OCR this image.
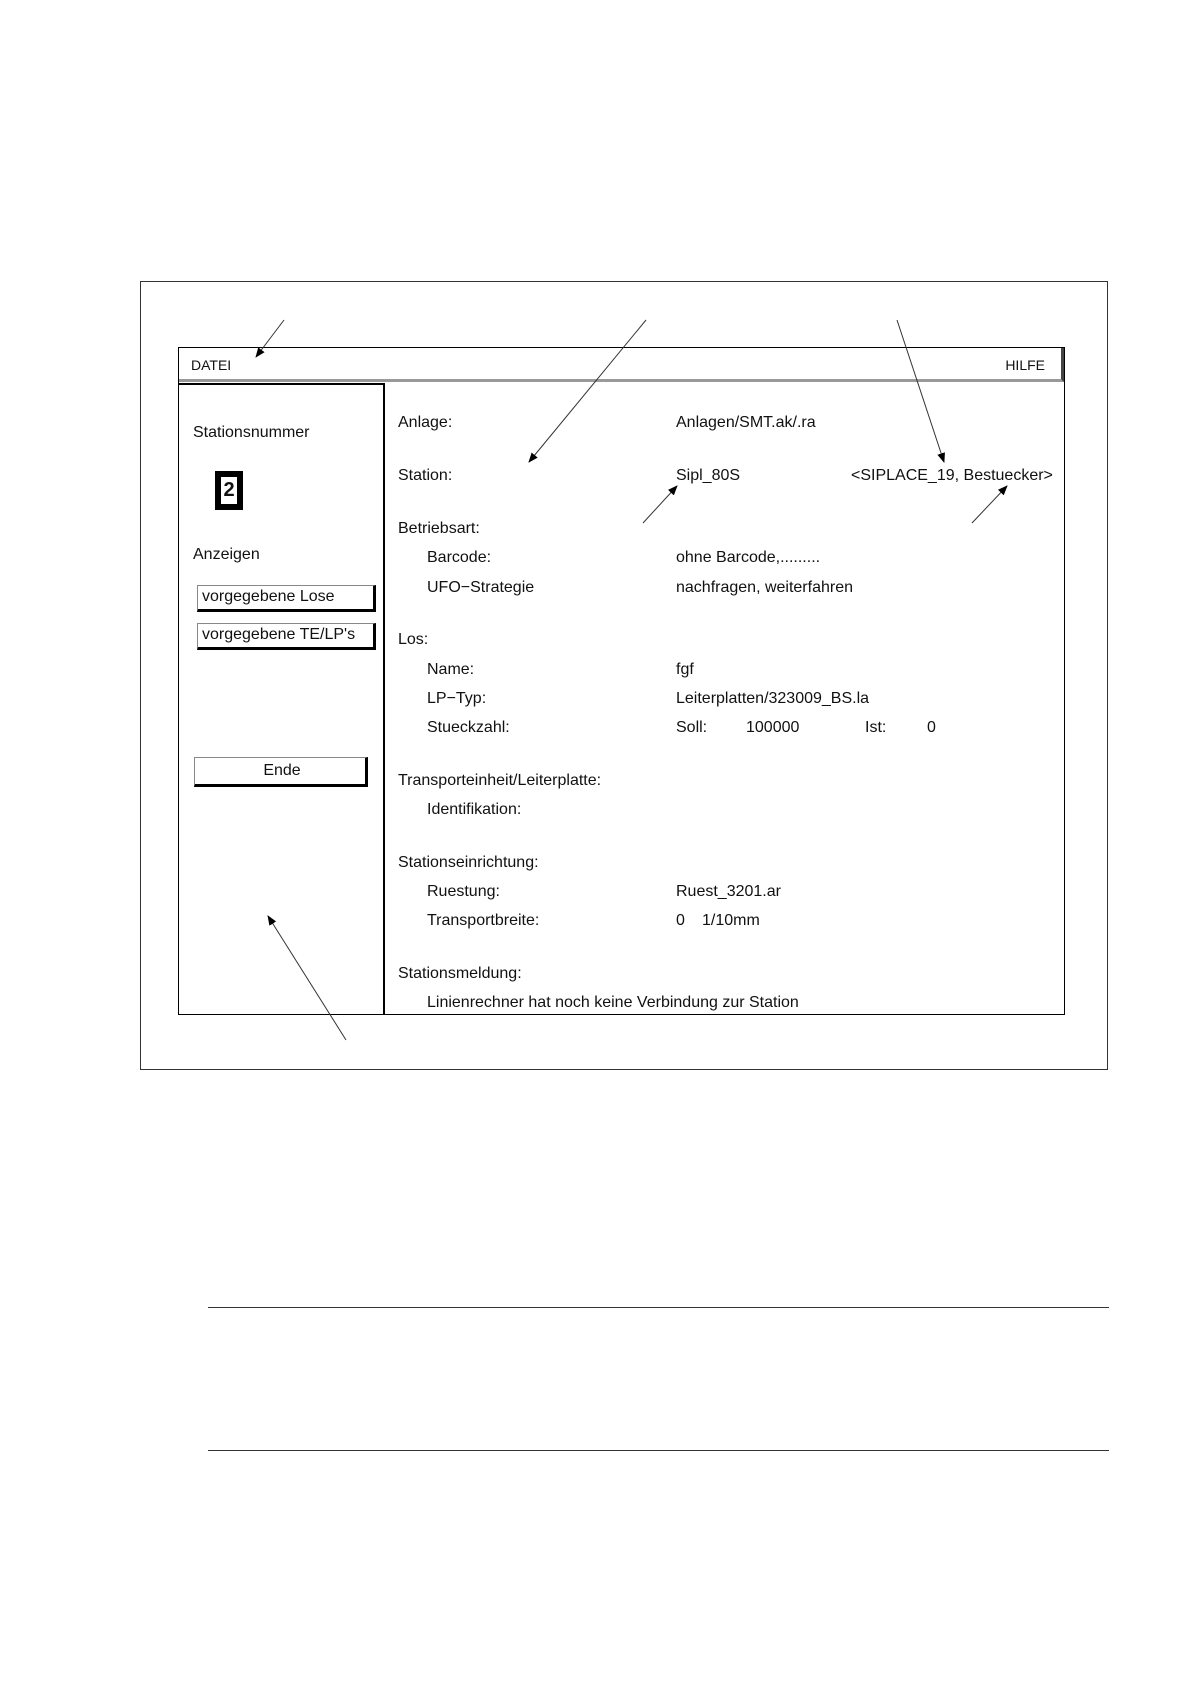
DATEI	HILFE
Stationsnummer
2
Anzeigen
vorgegebene Lose
vorgegebene TE/LP's
Ende
Anlage:	Anlagen/SMT.ak/.ra
Station:	Sipl_80S	<SIPLACE_19, Bestuecker>
Betriebsart:
Barcode:	ohne Barcode,.........
UFO−Strategie	nachfragen, weiterfahren
Los:
Name:	fgf
LP−Typ:	Leiterplatten/323009_BS.la
Stueckzahl:	Soll: 100000	Ist:	0
Transporteinheit/Leiterplatte:
Identifikation:
Stationseinrichtung:
Ruestung:	Ruest_3201.ar
Transportbreite:	0 1/10mm
Stationsmeldung:
Linienrechner hat noch keine Verbindung zur Station
